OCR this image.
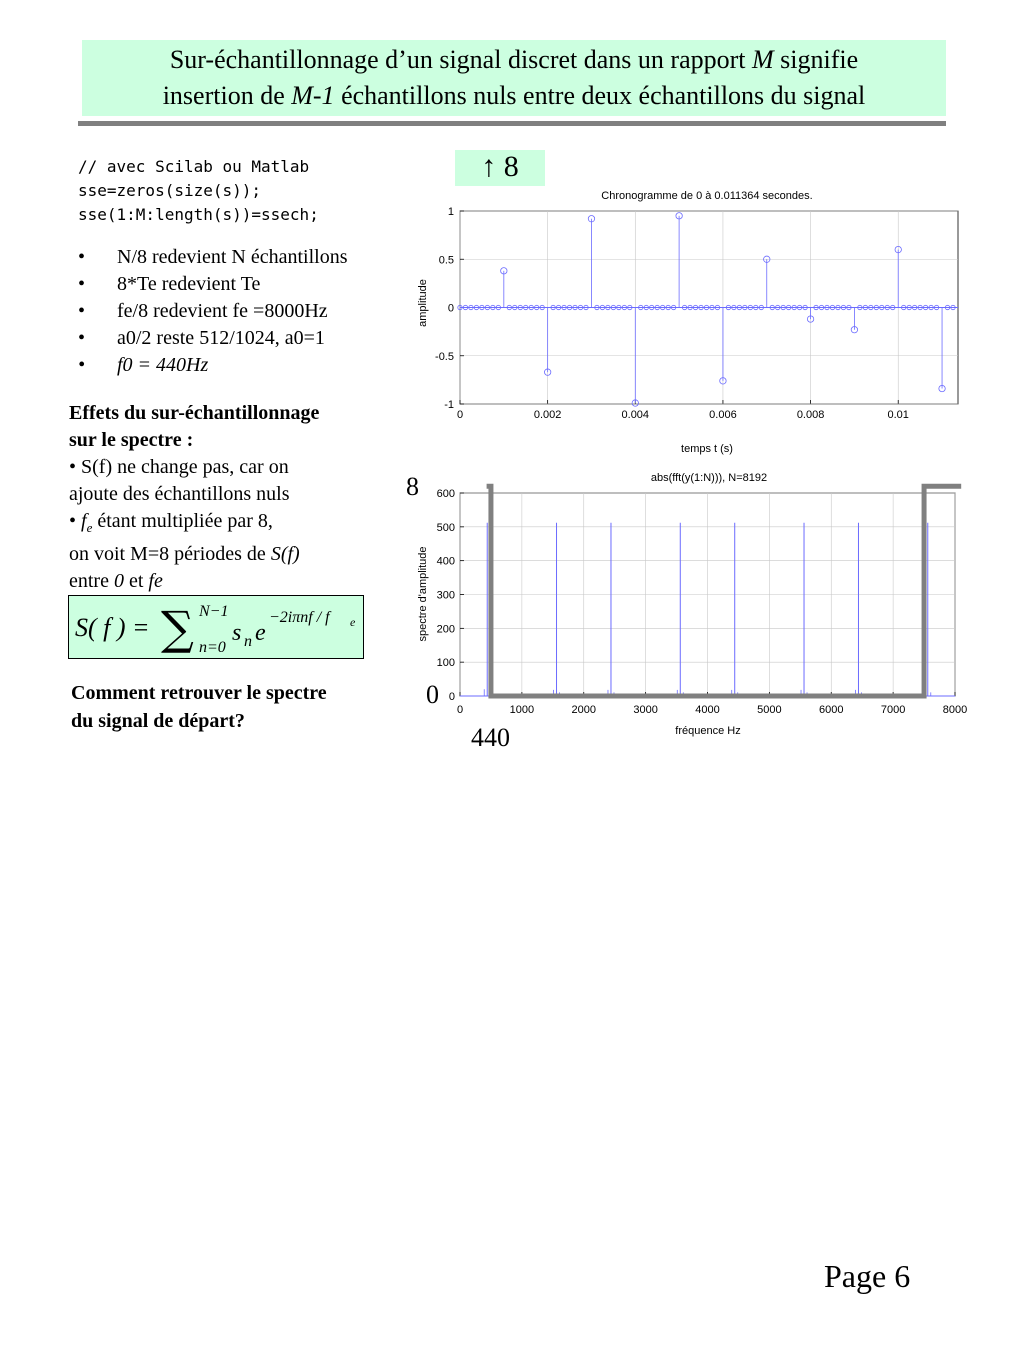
Sur-échantillonnage d’un signal discret dans un rapport M signifie
insertion de M-1 échantillons nuls entre deux échantillons du signal
// avec Scilab ou Matlab
sse=zeros(size(s));
sse(1:M:length(s))=ssech;
• N/8 redevient N échantillons
• 8*Te redevient Te
• fe/8 redevient fe =8000Hz
• a0/2 reste 512/1024, a0=1
• f0 = 440Hz
Effets du sur-échantillonnage
sur le spectre :
• S(f) ne change pas, car on
ajoute des échantillons nuls
• $f_e$ étant multipliée par 8,
on voit M=8 périodes de S(f)
entre 0 et fe
S( f ) = ∑ N−1
n=0
s n e
−2iπnf / f e
Comment retrouver le spectre
du signal de départ?
↑ 8
Chronogramme de 0 à 0.011364 secondes.
temps t (s)
amplitude
0	0.002	0.004	0.006	0.008	0.01
1
0.5
0
-0.5
-1
abs(fft(y(1:N))), N=8192
fréquence Hz
spectre d'amplitude
0	1000	2000	3000	4000	5000	6000	7000	8000
600
500
400
300
200
100
0
8
0
440
Page 6
